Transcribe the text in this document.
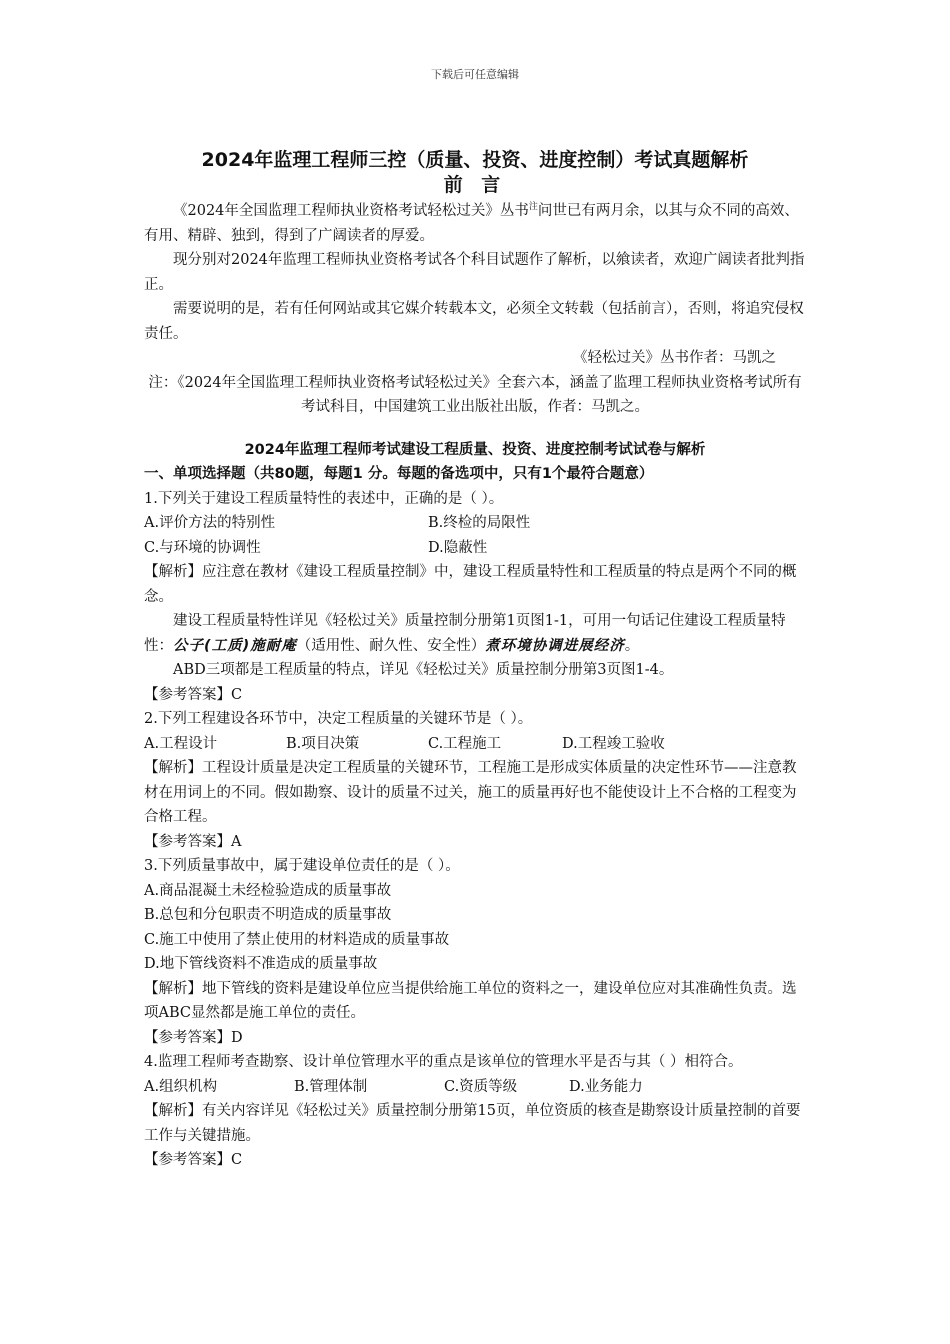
下载后可任意编辑
2024年监理工程师三控（质量、投资、进度控制）考试真题解析
前 言

《2024年全国监理工程师执业资格考试轻松过关》丛书$^注$问世已有两月余，以其与众不同的高效、有用、精辟、独到，得到了广阔读者的厚爱。

现分别对2024年监理工程师执业资格考试各个科目试题作了解析，以飨读者，欢迎广阔读者批判指正。

需要说明的是，若有任何网站或其它媒介转载本文，必须全文转载（包括前言），否则，将追究侵权责任。

《轻松过关》丛书作者：马凯之

注：《2024年全国监理工程师执业资格考试轻松过关》全套六本，涵盖了监理工程师执业资格考试所有考试科目，中国建筑工业出版社出版，作者：马凯之。

2024年监理工程师考试建设工程质量、投资、进度控制考试试卷与解析

一、单项选择题（共80题，每题1 分。每题的备选项中，只有1个最符合题意）

1.下列关于建设工程质量特性的表述中，正确的是（ ）。

A.评价方法的特别性	B.终检的局限性
C.与环境的协调性	D.隐蔽性

【解析】应注意在教材《建设工程质量控制》中，建设工程质量特性和工程质量的特点是两个不同的概念。

建设工程质量特性详见《轻松过关》质量控制分册第1页图1-1，可用一句话记住建设工程质量特性：公子(工质)施耐庵（适用性、耐久性、安全性）煮环境协调进展经济。

ABD三项都是工程质量的特点，详见《轻松过关》质量控制分册第3页图1-4。

【参考答案】C

2.下列工程建设各环节中，决定工程质量的关键环节是（ ）。

A.工程设计	B.项目决策	C.工程施工	D.工程竣工验收

【解析】工程设计质量是决定工程质量的关键环节，工程施工是形成实体质量的决定性环节——注意教材在用词上的不同。假如勘察、设计的质量不过关，施工的质量再好也不能使设计上不合格的工程变为合格工程。

【参考答案】A

3.下列质量事故中，属于建设单位责任的是（ ）。

A.商品混凝土未经检验造成的质量事故

B.总包和分包职责不明造成的质量事故

C.施工中使用了禁止使用的材料造成的质量事故

D.地下管线资料不准造成的质量事故

【解析】地下管线的资料是建设单位应当提供给施工单位的资料之一，建设单位应对其准确性负责。选项ABC显然都是施工单位的责任。

【参考答案】D

4.监理工程师考查勘察、设计单位管理水平的重点是该单位的管理水平是否与其（ ）相符合。

A.组织机构	B.管理体制	C.资质等级	D.业务能力

【解析】有关内容详见《轻松过关》质量控制分册第15页，单位资质的核查是勘察设计质量控制的首要工作与关键措施。

【参考答案】C
